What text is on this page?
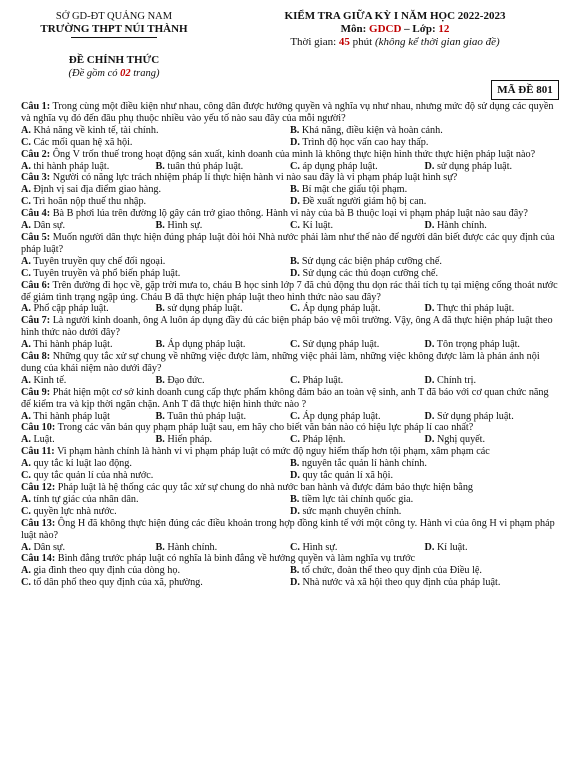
SỞ GD-ĐT QUẢNG NAM
TRƯỜNG THPT NÚI THÀNH
ĐỀ CHÍNH THỨC
(Đề gồm có 02 trang)
KIỂM TRA GIỮA KỲ I NĂM HỌC 2022-2023
Môn: GDCD – Lớp: 12
Thời gian: 45 phút (không kể thời gian giao đề)
MÃ ĐỀ 801

Câu 1: Trong cùng một điều kiện như nhau, công dân được hưởng quyền và nghĩa vụ như nhau, nhưng mức độ sử dụng các quyền và nghĩa vụ đó đến đâu phụ thuộc nhiều vào yếu tố nào sau đây của mỗi người?

A. Khả năng về kinh tế, tài chính.	B. Khả năng, điều kiện và hoàn cảnh.
C. Các mối quan hệ xã hội.	D. Trình độ học vấn cao hay thấp.

Câu 2: Ông V trốn thuế trong hoạt động sản xuất, kinh doanh của mình là không thực hiện hình thức thực hiện pháp luật nào?

A. thi hành pháp luật.	B. tuân thủ pháp luật.	C. áp dụng pháp luật.	D. sử dụng pháp luật.

Câu 3: Người có năng lực trách nhiệm pháp lí thực hiện hành vi nào sau đây là vi phạm pháp luật hình sự?

A. Định vị sai địa điểm giao hàng.	B. Bí mật che giấu tội phạm.
C. Trì hoãn nộp thuế thu nhập.	D. Đề xuất người giám hộ bị can.

Câu 4: Bà B phơi lúa trên đường lộ gây cản trở giao thông. Hành vi này của bà B thuộc loại vi phạm pháp luật nào sau đây?

A. Dân sự.	B. Hình sự.	C. Kỉ luật.	D. Hành chính.

Câu 5: Muốn người dân thực hiện đúng pháp luật đòi hỏi Nhà nước phải làm như thế nào để người dân biết được các quy định của pháp luật?

A. Tuyên truyền quy chế đối ngoại.	B. Sử dụng các biện pháp cưỡng chế.
C. Tuyên truyền và phổ biến pháp luật.	D. Sử dụng các thủ đoạn cưỡng chế.

Câu 6: Trên đường đi học về, gặp trời mưa to, cháu B học sinh lớp 7 đã chủ động thu dọn rác thải tích tụ tại miệng cống thoát nước để giảm tình trạng ngập úng. Cháu B đã thực hiện pháp luật theo hình thức nào sau đây?

A. Phổ cập pháp luật.	B. sử dụng pháp luật.	C. Áp dụng pháp luật.	D. Thực thi pháp luật.

Câu 7: Là người kinh doanh, ông A luôn áp dụng đầy đủ các biện pháp bảo vệ môi trường. Vậy, ông A đã thực hiện pháp luật theo hình thức nào dưới đây?

A. Thi hành pháp luật.	B. Áp dụng pháp luật.	C. Sử dụng pháp luật.	D. Tôn trọng pháp luật.

Câu 8: Những quy tắc xử sự chung về những việc được làm, những việc phải làm, những việc không được làm là phản ánh nội dung của khái niệm nào dưới đây?

A. Kinh tế.	B. Đạo đức.	C. Pháp luật.	D. Chính trị.

Câu 9: Phát hiện một cơ sở kinh doanh cung cấp thực phẩm không đảm bảo an toàn vệ sinh, anh T đã báo với cơ quan chức năng để kiểm tra và kịp thời ngăn chặn. Anh T đã thực hiện hình thức nào ?

A. Thi hành pháp luật	B. Tuân thủ pháp luật.	C. Áp dụng pháp luật.	D. Sử dụng pháp luật.

Câu 10: Trong các văn bản quy phạm pháp luật sau, em hãy cho biết văn bản nào có hiệu lực pháp lí cao nhất?

A. Luật.	B. Hiến pháp.	C. Pháp lệnh.	D. Nghị quyết.

Câu 11: Vi phạm hành chính là hành vi vi phạm pháp luật có mức độ nguy hiểm thấp hơn tội phạm, xâm phạm các

A. quy tắc kỉ luật lao động.	B. nguyên tắc quản lí hành chính.
C. quy tắc quản lí của nhà nước.	D. quy tắc quản lí xã hội.

Câu 12: Pháp luật là hệ thống các quy tắc xử sự chung do nhà nước ban hành và được đảm bảo thực hiện bằng

A. tính tự giác của nhân dân.	B. tiềm lực tài chính quốc gia.
C. quyền lực nhà nước.	D. sức mạnh chuyên chính.

Câu 13: Ông H đã không thực hiện đúng các điều khoản trong hợp đồng kinh tế với một công ty. Hành vi của ông H vi phạm pháp luật nào?

A. Dân sự.	B. Hành chính.	C. Hình sự.	D. Kỉ luật.

Câu 14: Bình đẳng trước pháp luật có nghĩa là bình đẳng về hưởng quyền và làm nghĩa vụ trước

A. gia đình theo quy định của dòng họ.	B. tổ chức, đoàn thể theo quy định của Điều lệ.
C. tổ dân phố theo quy định của xã, phường.	D. Nhà nước và xã hội theo quy định của pháp luật.
